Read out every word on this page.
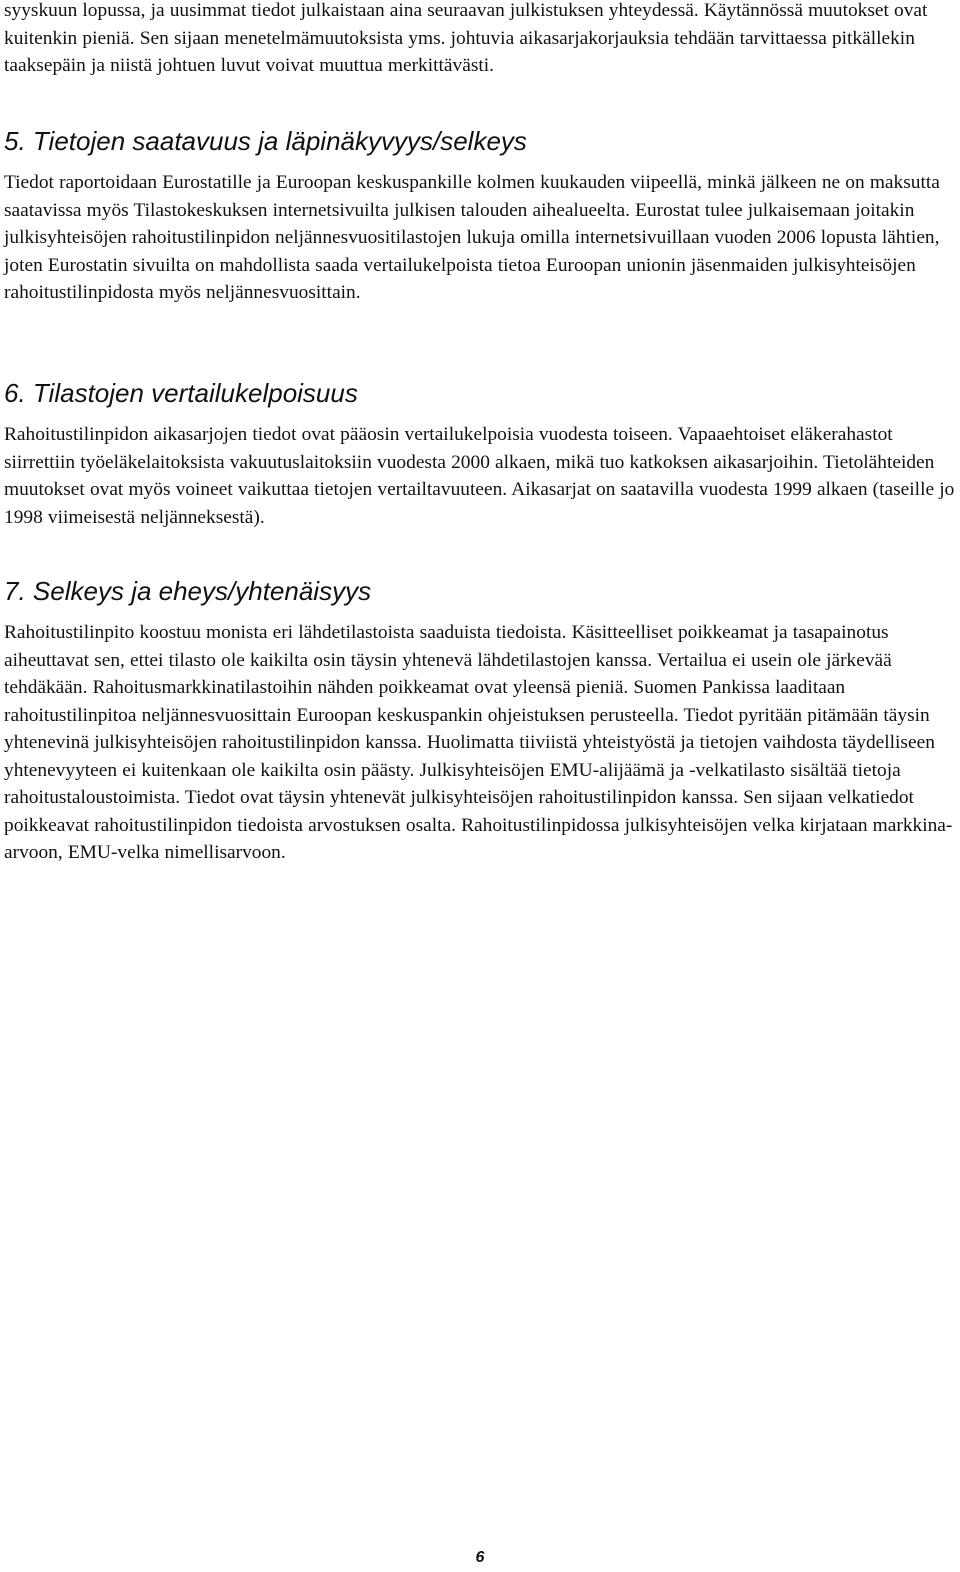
syyskuun lopussa, ja uusimmat tiedot julkaistaan aina seuraavan julkistuksen yhteydessä. Käytännössä muutokset ovat kuitenkin pieniä. Sen sijaan menetelmämuutoksista yms. johtuvia aikasarjakorjauksia tehdään tarvittaessa pitkällekin taaksepäin ja niistä johtuen luvut voivat muuttua merkittävästi.

5. Tietojen saatavuus ja läpinäkyvyys/selkeys

Tiedot raportoidaan Eurostatille ja Euroopan keskuspankille kolmen kuukauden viipeellä, minkä jälkeen ne on maksutta saatavissa myös Tilastokeskuksen internetsivuilta julkisen talouden aihealueelta. Eurostat tulee julkaisemaan joitakin julkisyhteisöjen rahoitustilinpidon neljännesvuositilastojen lukuja omilla internetsivuillaan vuoden 2006 lopusta lähtien, joten Eurostatin sivuilta on mahdollista saada vertailukelpoista tietoa Euroopan unionin jäsenmaiden julkisyhteisöjen rahoitustilinpidosta myös neljännesvuosittain.

6. Tilastojen vertailukelpoisuus

Rahoitustilinpidon aikasarjojen tiedot ovat pääosin vertailukelpoisia vuodesta toiseen. Vapaaehtoiset eläkerahastot siirrettiin työeläkelaitoksista vakuutuslaitoksiin vuodesta 2000 alkaen, mikä tuo katkoksen aikasarjoihin. Tietolähteiden muutokset ovat myös voineet vaikuttaa tietojen vertailtavuuteen. Aikasarjat on saatavilla vuodesta 1999 alkaen (taseille jo 1998 viimeisestä neljänneksestä).

7. Selkeys ja eheys/yhtenäisyys

Rahoitustilinpito koostuu monista eri lähdetilastoista saaduista tiedoista. Käsitteelliset poikkeamat ja tasapainotus aiheuttavat sen, ettei tilasto ole kaikilta osin täysin yhtenevä lähdetilastojen kanssa. Vertailua ei usein ole järkevää tehdäkään. Rahoitusmarkkinatilastoihin nähden poikkeamat ovat yleensä pieniä. Suomen Pankissa laaditaan rahoitustilinpitoa neljännesvuosittain Euroopan keskuspankin ohjeistuksen perusteella. Tiedot pyritään pitämään täysin yhtenevinä julkisyhteisöjen rahoitustilinpidon kanssa. Huolimatta tiiviistä yhteistyöstä ja tietojen vaihdosta täydelliseen yhtenevyyteen ei kuitenkaan ole kaikilta osin päästy. Julkisyhteisöjen EMU-alijäämä ja -velkatilasto sisältää tietoja rahoitustaloustoimista. Tiedot ovat täysin yhtenevät julkisyhteisöjen rahoitustilinpidon kanssa. Sen sijaan velkatiedot poikkeavat rahoitustilinpidon tiedoista arvostuksen osalta. Rahoitustilinpidossa julkisyhteisöjen velka kirjataan markkina-arvoon, EMU-velka nimellisarvoon.

6
